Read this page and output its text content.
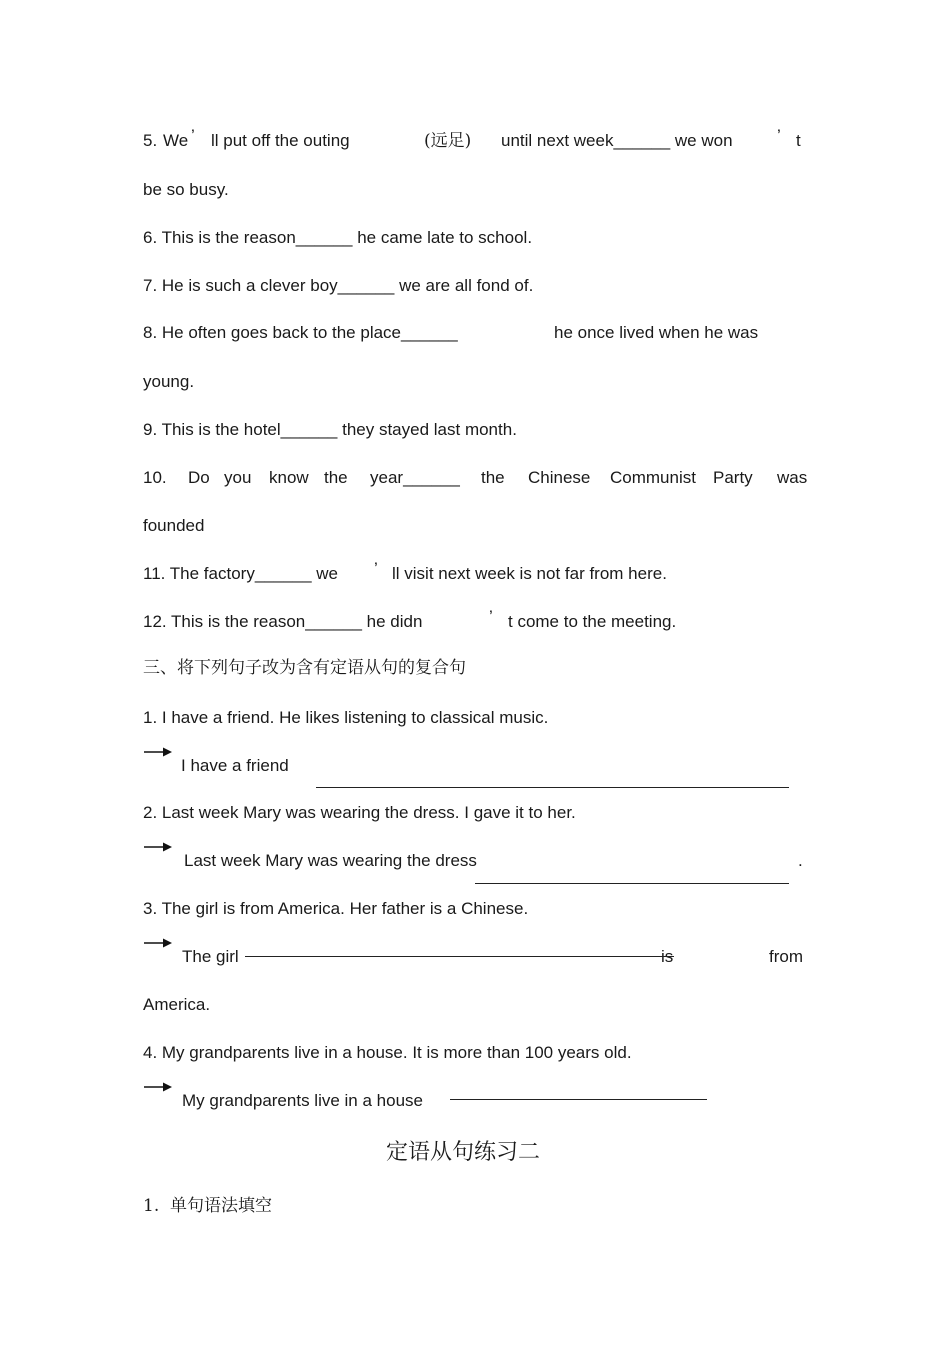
5. We ’ ll put off the outing	(远足) until next week______ we won	’ t
be so busy.
6. This is the reason______ he came late to school.
7. He is such a clever boy______ we are all fond of.
8. He often goes back to the place______	he once lived when he was
young.
9. This is the hotel______ they stayed last month.
10. Do you know the year______ the Chinese Communist Party was
founded
11. The factory______ we ’ ll visit next week is not far from here.
12. This is the reason______ he didn	’ t come to the meeting.
三、将下列句子改为含有定语从句的复合句
1. I have a friend. He likes listening to classical music.
I have a friend
2. Last week Mary was wearing the dress. I gave it to her.
Last week Mary was wearing the dress	.
3. The girl is from America. Her father is a Chinese.
The girl	is	from
America.
4. My grandparents live in a house. It is more than 100 years old.
My grandparents live in a house
定语从句练习二
1.  单句语法填空
